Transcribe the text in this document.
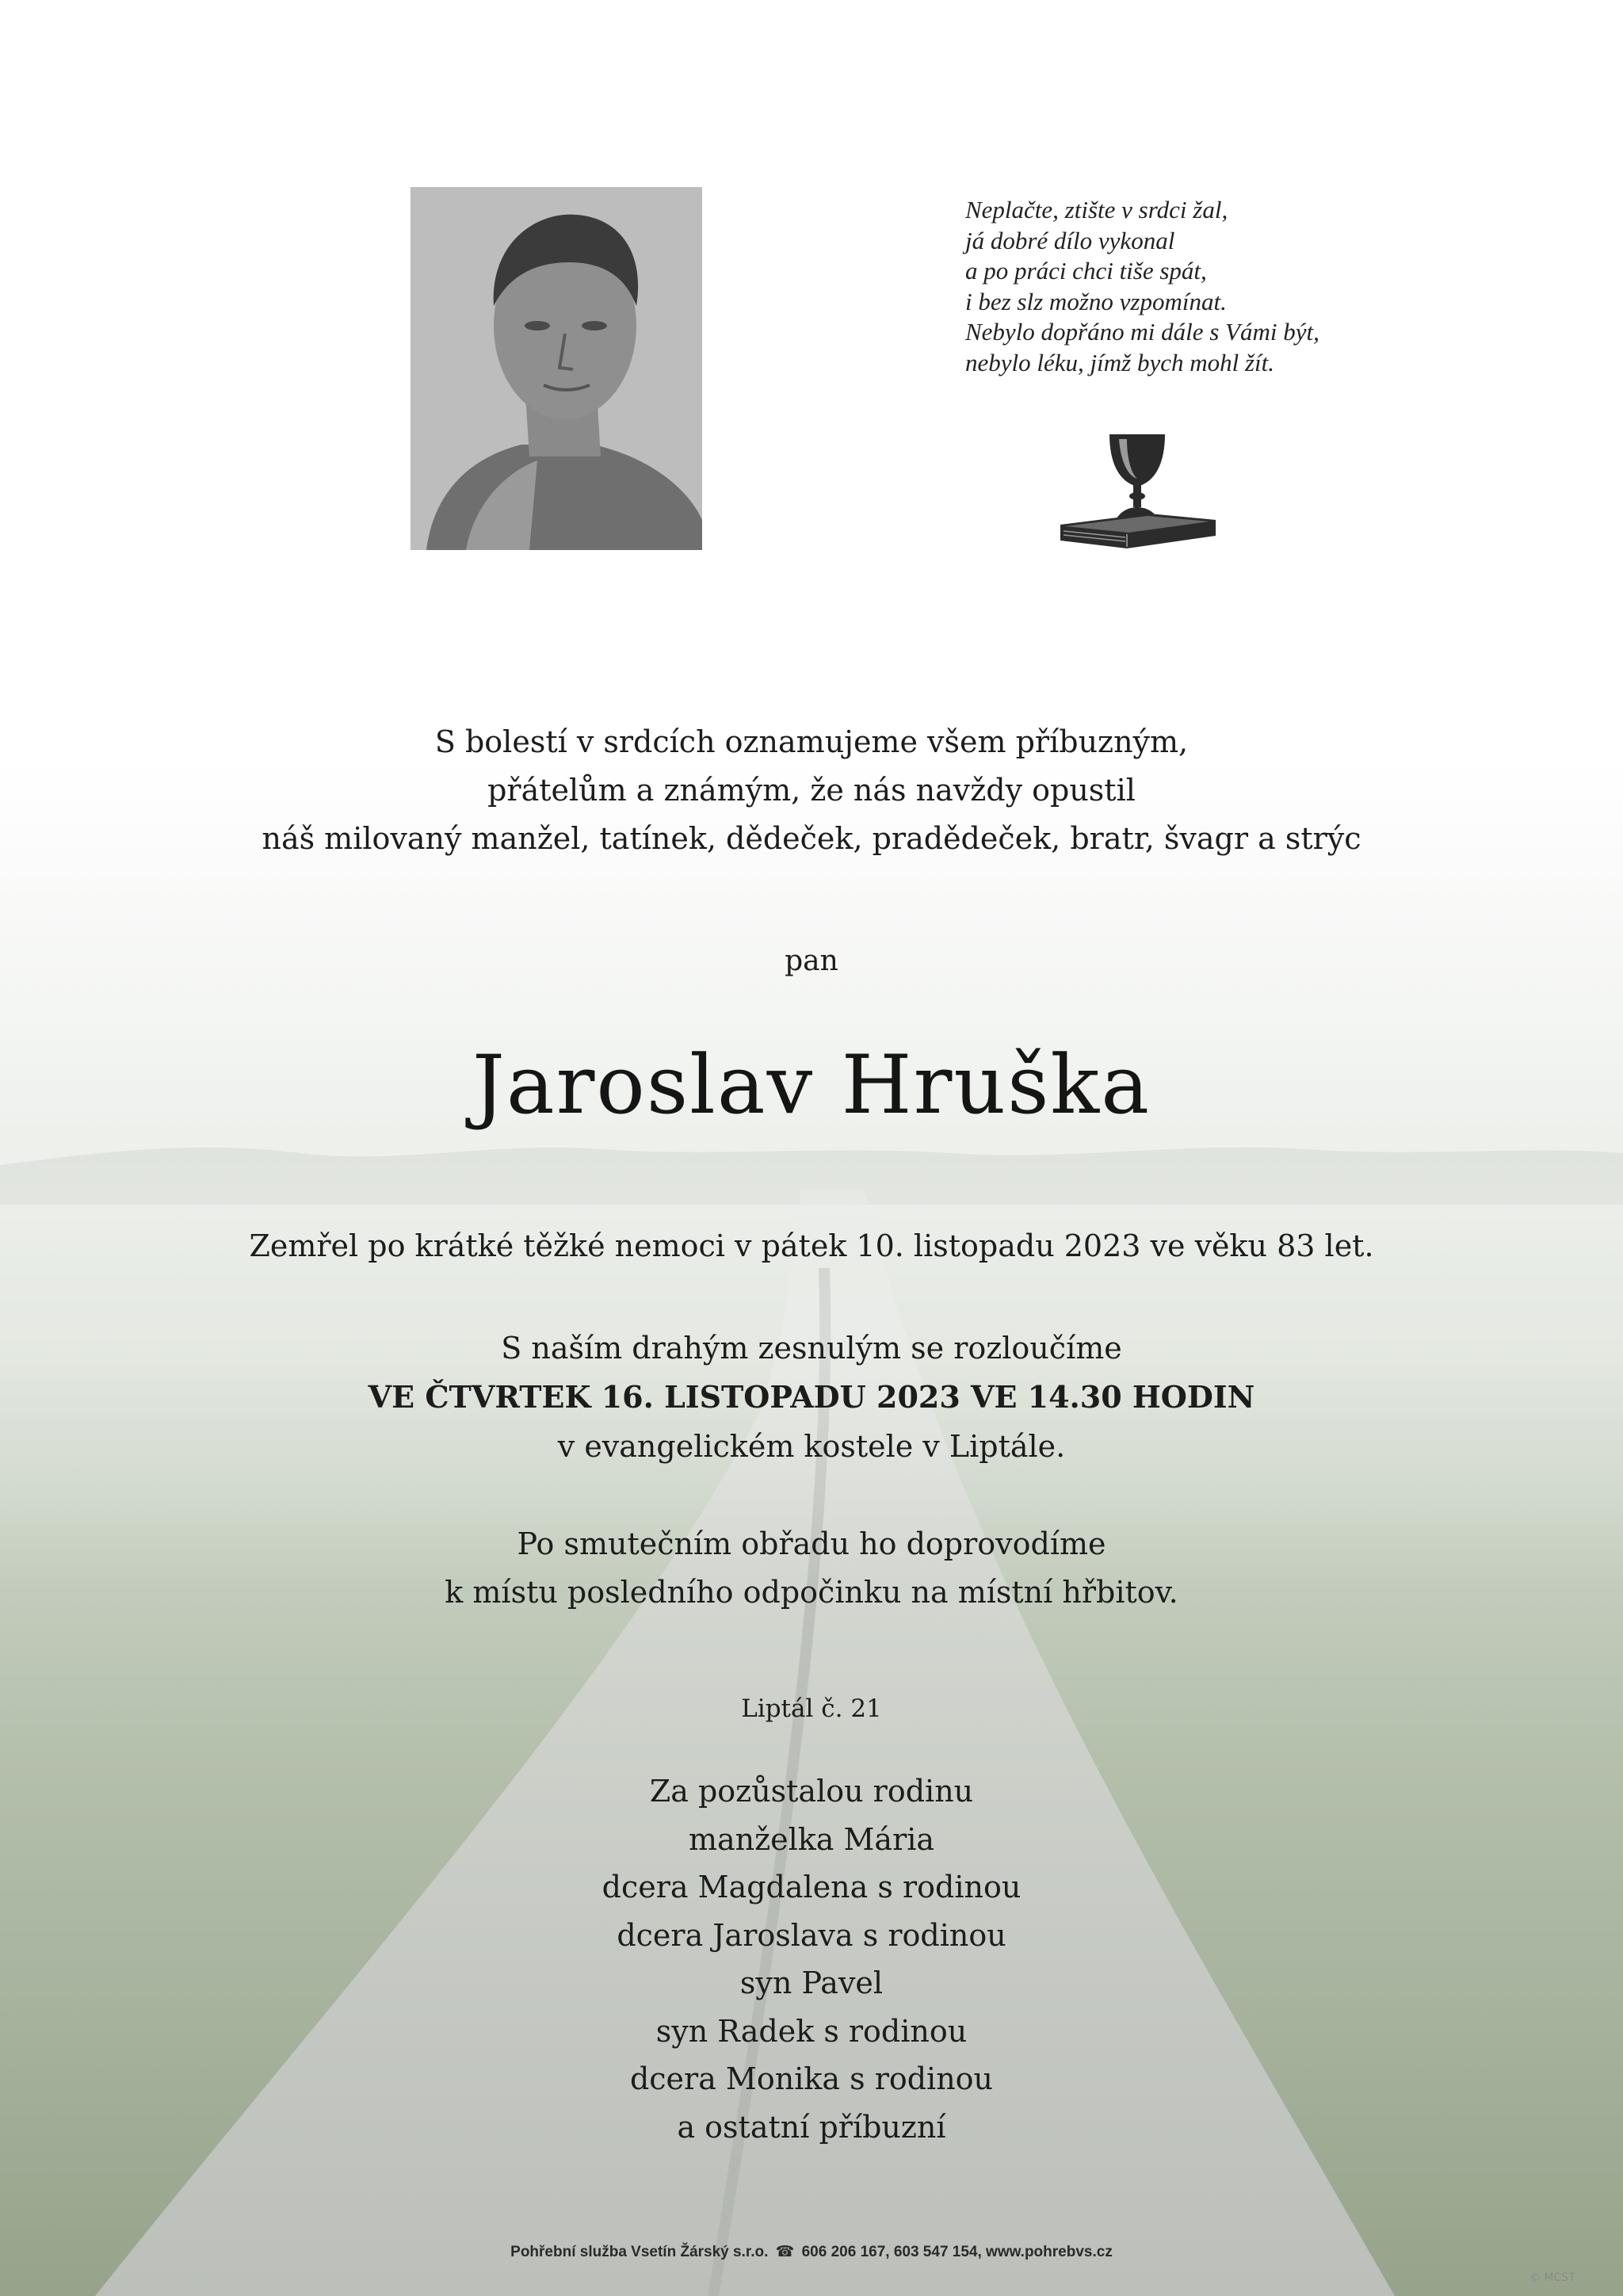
Neplačte, ztište v srdci žal,
já dobré dílo vykonal
a po práci chci tiše spát,
i bez slz možno vzpomínat.
Nebylo dopřáno mi dále s Vámi být,
nebylo léku, jímž bych mohl žít.
S bolestí v srdcích oznamujeme všem příbuzným,
přátelům a známým, že nás navždy opustil
náš milovaný manžel, tatínek, dědeček, pradědeček, bratr, švagr a strýc
pan
Jaroslav Hruška
Zemřel po krátké těžké nemoci v pátek 10. listopadu 2023 ve věku 83 let.
S naším drahým zesnulým se rozloučíme
VE ČTVRTEK 16. LISTOPADU 2023 VE 14.30 HODIN
v evangelickém kostele v Liptále.
Po smutečním obřadu ho doprovodíme
k místu posledního odpočinku na místní hřbitov.
Liptál č. 21
Za pozůstalou rodinu
manželka Mária
dcera Magdalena s rodinou
dcera Jaroslava s rodinou
syn Pavel
syn Radek s rodinou
dcera Monika s rodinou
a ostatní příbuzní
Pohřební služba Vsetín Žárský s.r.o. ☎ 606 206 167, 603 547 154, www.pohrebvs.cz
© MCST
